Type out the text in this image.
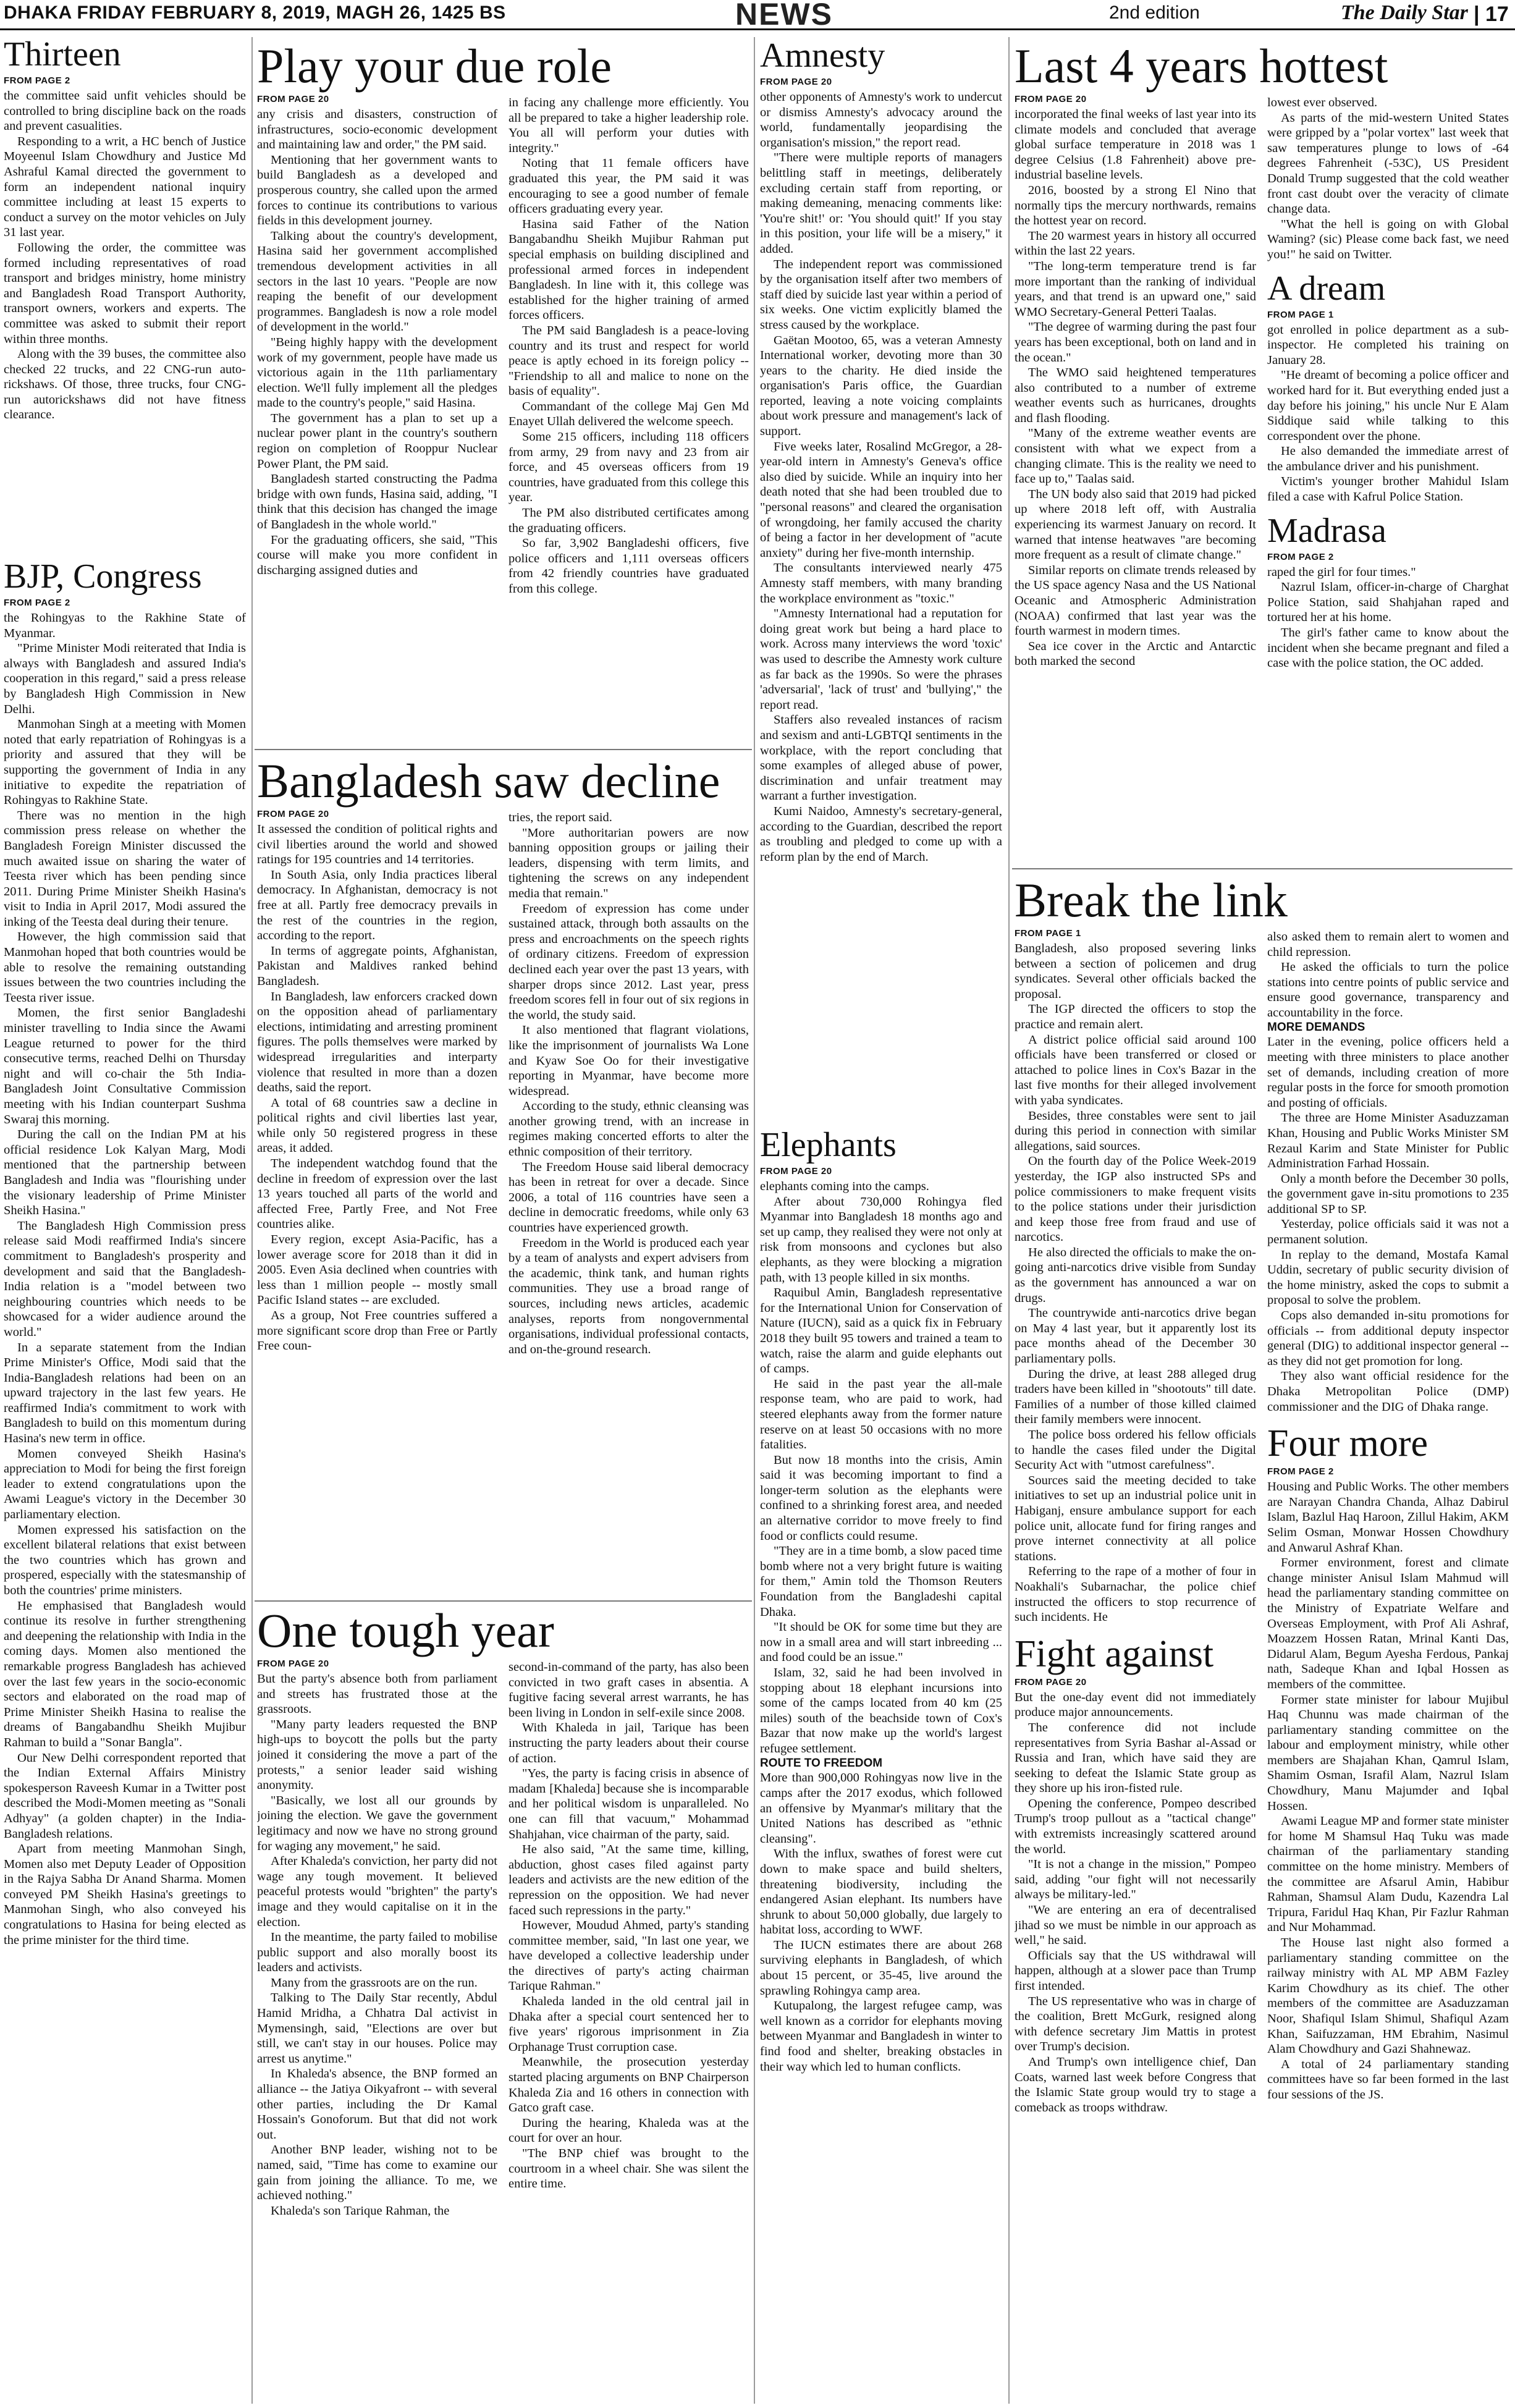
DHAKA FRIDAY FEBRUARY 8, 2019, MAGH 26, 1425 BS	NEWS	2nd edition	The Daily Star | 17
Thirteen
FROM PAGE 2

the committee said unfit vehicles should be controlled to bring discipline back on the roads and prevent casualities.

Responding to a writ, a HC bench of Justice Moyeenul Islam Chowdhury and Justice Md Ashraful Kamal directed the government to form an independent national inquiry committee including at least 15 experts to conduct a survey on the motor vehicles on July 31 last year.

Following the order, the committee was formed including representatives of road transport and bridges ministry, home ministry and Bangladesh Road Transport Authority, transport owners, workers and experts. The committee was asked to submit their report within three months.

Along with the 39 buses, the committee also checked 22 trucks, and 22 CNG-run auto-rickshaws. Of those, three trucks, four CNG-run autorickshaws did not have fitness clearance.

BJP, Congress
FROM PAGE 2

the Rohingyas to the Rakhine State of Myanmar.

"Prime Minister Modi reiterated that India is always with Bangladesh and assured India's cooperation in this regard," said a press release by Bangladesh High Commission in New Delhi.

Manmohan Singh at a meeting with Momen noted that early repatriation of Rohingyas is a priority and assured that they will be supporting the government of India in any initiative to expedite the repatriation of Rohingyas to Rakhine State.

There was no mention in the high commission press release on whether the Bangladesh Foreign Minister discussed the much awaited issue on sharing the water of Teesta river which has been pending since 2011. During Prime Minister Sheikh Hasina's visit to India in April 2017, Modi assured the inking of the Teesta deal during their tenure.

However, the high commission said that Manmohan hoped that both countries would be able to resolve the remaining outstanding issues between the two countries including the Teesta river issue.

Momen, the first senior Bangladeshi minister travelling to India since the Awami League returned to power for the third consecutive terms, reached Delhi on Thursday night and will co-chair the 5th India-Bangladesh Joint Consultative Commission meeting with his Indian counterpart Sushma Swaraj this morning.

During the call on the Indian PM at his official residence Lok Kalyan Marg, Modi mentioned that the partnership between Bangladesh and India was "flourishing under the visionary leadership of Prime Minister Sheikh Hasina."

The Bangladesh High Commission press release said Modi reaffirmed India's sincere commitment to Bangladesh's prosperity and development and said that the Bangladesh-India relation is a "model between two neighbouring countries which needs to be showcased for a wider audience around the world."

In a separate statement from the Indian Prime Minister's Office, Modi said that the India-Bangladesh relations had been on an upward trajectory in the last few years. He reaffirmed India's commitment to work with Bangladesh to build on this momentum during Hasina's new term in office.

Momen conveyed Sheikh Hasina's appreciation to Modi for being the first foreign leader to extend congratulations upon the Awami League's victory in the December 30 parliamentary election.

Momen expressed his satisfaction on the excellent bilateral relations that exist between the two countries which has grown and prospered, especially with the statesmanship of both the countries' prime ministers.

He emphasised that Bangladesh would continue its resolve in further strengthening and deepening the relationship with India in the coming days. Momen also mentioned the remarkable progress Bangladesh has achieved over the last few years in the socio-economic sectors and elaborated on the road map of Prime Minister Sheikh Hasina to realise the dreams of Bangabandhu Sheikh Mujibur Rahman to build a "Sonar Bangla".

Our New Delhi correspondent reported that the Indian External Affairs Ministry spokesperson Raveesh Kumar in a Twitter post described the Modi-Momen meeting as "Sonali Adhyay" (a golden chapter) in the India-Bangladesh relations.

Apart from meeting Manmohan Singh, Momen also met Deputy Leader of Opposition in the Rajya Sabha Dr Anand Sharma. Momen conveyed PM Sheikh Hasina's greetings to Manmohan Singh, who also conveyed his congratulations to Hasina for being elected as the prime minister for the third time.

Play your due role
FROM PAGE 20

any crisis and disasters, construction of infrastructures, socio-economic development and maintaining law and order," the PM said.

Mentioning that her government wants to build Bangladesh as a developed and prosperous country, she called upon the armed forces to continue its contributions to various fields in this development journey.

Talking about the country's development, Hasina said her government accomplished tremendous development activities in all sectors in the last 10 years. "People are now reaping the benefit of our development programmes. Bangladesh is now a role model of development in the world."

"Being highly happy with the development work of my government, people have made us victorious again in the 11th parliamentary election. We'll fully implement all the pledges made to the country's people," said Hasina.

The government has a plan to set up a nuclear power plant in the country's southern region on completion of Rooppur Nuclear Power Plant, the PM said.

Bangladesh started constructing the Padma bridge with own funds, Hasina said, adding, "I think that this decision has changed the image of Bangladesh in the whole world."

For the graduating officers, she said, "This course will make you more confident in discharging assigned duties and

in facing any challenge more efficiently. You all be prepared to take a higher leadership role. You all will perform your duties with integrity."

Noting that 11 female officers have graduated this year, the PM said it was encouraging to see a good number of female officers graduating every year.

Hasina said Father of the Nation Bangabandhu Sheikh Mujibur Rahman put special emphasis on building disciplined and professional armed forces in independent Bangladesh. In line with it, this college was established for the higher training of armed forces officers.

The PM said Bangladesh is a peace-loving country and its trust and respect for world peace is aptly echoed in its foreign policy -- "Friendship to all and malice to none on the basis of equality".

Commandant of the college Maj Gen Md Enayet Ullah delivered the welcome speech.

Some 215 officers, including 118 officers from army, 29 from navy and 23 from air force, and 45 overseas officers from 19 countries, have graduated from this college this year.

The PM also distributed certificates among the graduating officers.

So far, 3,902 Bangladeshi officers, five police officers and 1,111 overseas officers from 42 friendly countries have graduated from this college.

Bangladesh saw decline
FROM PAGE 20

It assessed the condition of political rights and civil liberties around the world and showed ratings for 195 countries and 14 territories.

In South Asia, only India practices liberal democracy. In Afghanistan, democracy is not free at all. Partly free democracy prevails in the rest of the countries in the region, according to the report.

In terms of aggregate points, Afghanistan, Pakistan and Maldives ranked behind Bangladesh.

In Bangladesh, law enforcers cracked down on the opposition ahead of parliamentary elections, intimidating and arresting prominent figures. The polls themselves were marked by widespread irregularities and interparty violence that resulted in more than a dozen deaths, said the report.

A total of 68 countries saw a decline in political rights and civil liberties last year, while only 50 registered progress in these areas, it added.

The independent watchdog found that the decline in freedom of expression over the last 13 years touched all parts of the world and affected Free, Partly Free, and Not Free countries alike.

Every region, except Asia-Pacific, has a lower average score for 2018 than it did in 2005. Even Asia declined when countries with less than 1 million people -- mostly small Pacific Island states -- are excluded.

As a group, Not Free countries suffered a more significant score drop than Free or Partly Free coun-

tries, the report said.

"More authoritarian powers are now banning opposition groups or jailing their leaders, dispensing with term limits, and tightening the screws on any independent media that remain."

Freedom of expression has come under sustained attack, through both assaults on the press and encroachments on the speech rights of ordinary citizens. Freedom of expression declined each year over the past 13 years, with sharper drops since 2012. Last year, press freedom scores fell in four out of six regions in the world, the study said.

It also mentioned that flagrant violations, like the imprisonment of journalists Wa Lone and Kyaw Soe Oo for their investigative reporting in Myanmar, have become more widespread.

According to the study, ethnic cleansing was another growing trend, with an increase in regimes making concerted efforts to alter the ethnic composition of their territory.

The Freedom House said liberal democracy has been in retreat for over a decade. Since 2006, a total of 116 countries have seen a decline in democratic freedoms, while only 63 countries have experienced growth.

Freedom in the World is produced each year by a team of analysts and expert advisers from the academic, think tank, and human rights communities. They use a broad range of sources, including news articles, academic analyses, reports from nongovernmental organisations, individual professional contacts, and on-the-ground research.

One tough year
FROM PAGE 20

But the party's absence both from parliament and streets has frustrated those at the grassroots.

"Many party leaders requested the BNP high-ups to boycott the polls but the party joined it considering the move a part of the protests," a senior leader said wishing anonymity.

"Basically, we lost all our grounds by joining the election. We gave the government legitimacy and now we have no strong ground for waging any movement," he said.

After Khaleda's conviction, her party did not wage any tough movement. It believed peaceful protests would "brighten" the party's image and they would capitalise on it in the election.

In the meantime, the party failed to mobilise public support and also morally boost its leaders and activists.

Many from the grassroots are on the run.

Talking to The Daily Star recently, Abdul Hamid Mridha, a Chhatra Dal activist in Mymensingh, said, "Elections are over but still, we can't stay in our houses. Police may arrest us anytime."

In Khaleda's absence, the BNP formed an alliance -- the Jatiya Oikyafront -- with several other parties, including the Dr Kamal Hossain's Gonoforum. But that did not work out.

Another BNP leader, wishing not to be named, said, "Time has come to examine our gain from joining the alliance. To me, we achieved nothing."

Khaleda's son Tarique Rahman, the

second-in-command of the party, has also been convicted in two graft cases in absentia. A fugitive facing several arrest warrants, he has been living in London in self-exile since 2008.

With Khaleda in jail, Tarique has been instructing the party leaders about their course of action.

"Yes, the party is facing crisis in absence of madam [Khaleda] because she is incomparable and her political wisdom is unparalleled. No one can fill that vacuum," Mohammad Shahjahan, vice chairman of the party, said.

He also said, "At the same time, killing, abduction, ghost cases filed against party leaders and activists are the new edition of the repression on the opposition. We had never faced such repressions in the party."

However, Moudud Ahmed, party's standing committee member, said, "In last one year, we have developed a collective leadership under the directives of party's acting chairman Tarique Rahman."

Khaleda landed in the old central jail in Dhaka after a special court sentenced her to five years' rigorous imprisonment in Zia Orphanage Trust corruption case.

Meanwhile, the prosecution yesterday started placing arguments on BNP Chairperson Khaleda Zia and 16 others in connection with Gatco graft case.

During the hearing, Khaleda was at the court for over an hour.

"The BNP chief was brought to the courtroom in a wheel chair. She was silent the entire time.

Amnesty
FROM PAGE 20

other opponents of Amnesty's work to undercut or dismiss Amnesty's advocacy around the world, fundamentally jeopardising the organisation's mission," the report read.

"There were multiple reports of managers belittling staff in meetings, deliberately excluding certain staff from reporting, or making demeaning, menacing comments like: 'You're shit!' or: 'You should quit!' If you stay in this position, your life will be a misery," it added.

The independent report was commissioned by the organisation itself after two members of staff died by suicide last year within a period of six weeks. One victim explicitly blamed the stress caused by the workplace.

Gaëtan Mootoo, 65, was a veteran Amnesty International worker, devoting more than 30 years to the charity. He died inside the organisation's Paris office, the Guardian reported, leaving a note voicing complaints about work pressure and management's lack of support.

Five weeks later, Rosalind McGregor, a 28-year-old intern in Amnesty's Geneva's office also died by suicide. While an inquiry into her death noted that she had been troubled due to "personal reasons" and cleared the organisation of wrongdoing, her family accused the charity of being a factor in her development of "acute anxiety" during her five-month internship.

The consultants interviewed nearly 475 Amnesty staff members, with many branding the workplace environment as "toxic."

"Amnesty International had a reputation for doing great work but being a hard place to work. Across many interviews the word 'toxic' was used to describe the Amnesty work culture as far back as the 1990s. So were the phrases 'adversarial', 'lack of trust' and 'bullying'," the report read.

Staffers also revealed instances of racism and sexism and anti-LGBTQI sentiments in the workplace, with the report concluding that some examples of alleged abuse of power, discrimination and unfair treatment may warrant a further investigation.

Kumi Naidoo, Amnesty's secretary-general, according to the Guardian, described the report as troubling and pledged to come up with a reform plan by the end of March.

Elephants
FROM PAGE 20

elephants coming into the camps.

After about 730,000 Rohingya fled Myanmar into Bangladesh 18 months ago and set up camp, they realised they were not only at risk from monsoons and cyclones but also elephants, as they were blocking a migration path, with 13 people killed in six months.

Raquibul Amin, Bangladesh representative for the International Union for Conservation of Nature (IUCN), said as a quick fix in February 2018 they built 95 towers and trained a team to watch, raise the alarm and guide elephants out of camps.

He said in the past year the all-male response team, who are paid to work, had steered elephants away from the former nature reserve on at least 50 occasions with no more fatalities.

But now 18 months into the crisis, Amin said it was becoming important to find a longer-term solution as the elephants were confined to a shrinking forest area, and needed an alternative corridor to move freely to find food or conflicts could resume.

"They are in a time bomb, a slow paced time bomb where not a very bright future is waiting for them," Amin told the Thomson Reuters Foundation from the Bangladeshi capital Dhaka.

"It should be OK for some time but they are now in a small area and will start inbreeding ... and food could be an issue."

Islam, 32, said he had been involved in stopping about 18 elephant incursions into some of the camps located from 40 km (25 miles) south of the beachside town of Cox's Bazar that now make up the world's largest refugee settlement.

ROUTE TO FREEDOM

More than 900,000 Rohingyas now live in the camps after the 2017 exodus, which followed an offensive by Myanmar's military that the United Nations has described as "ethnic cleansing".

With the influx, swathes of forest were cut down to make space and build shelters, threatening biodiversity, including the endangered Asian elephant. Its numbers have shrunk to about 50,000 globally, due largely to habitat loss, according to WWF.

The IUCN estimates there are about 268 surviving elephants in Bangladesh, of which about 15 percent, or 35-45, live around the sprawling Rohingya camp area.

Kutupalong, the largest refugee camp, was well known as a corridor for elephants moving between Myanmar and Bangladesh in winter to find food and shelter, breaking obstacles in their way which led to human conflicts.

Last 4 years hottest
FROM PAGE 20

incorporated the final weeks of last year into its climate models and concluded that average global surface temperature in 2018 was 1 degree Celsius (1.8 Fahrenheit) above pre-industrial baseline levels.

2016, boosted by a strong El Nino that normally tips the mercury northwards, remains the hottest year on record.

The 20 warmest years in history all occurred within the last 22 years.

"The long-term temperature trend is far more important than the ranking of individual years, and that trend is an upward one," said WMO Secretary-General Petteri Taalas.

"The degree of warming during the past four years has been exceptional, both on land and in the ocean."

The WMO said heightened temperatures also contributed to a number of extreme weather events such as hurricanes, droughts and flash flooding.

"Many of the extreme weather events are consistent with what we expect from a changing climate. This is the reality we need to face up to," Taalas said.

The UN body also said that 2019 had picked up where 2018 left off, with Australia experiencing its warmest January on record. It warned that intense heatwaves "are becoming more frequent as a result of climate change."

Similar reports on climate trends released by the US space agency Nasa and the US National Oceanic and Atmospheric Administration (NOAA) confirmed that last year was the fourth warmest in modern times.

Sea ice cover in the Arctic and Antarctic both marked the second

lowest ever observed.

As parts of the mid-western United States were gripped by a "polar vortex" last week that saw temperatures plunge to lows of -64 degrees Fahrenheit (-53C), US President Donald Trump suggested that the cold weather front cast doubt over the veracity of climate change data.

"What the hell is going on with Global Waming? (sic) Please come back fast, we need you!" he said on Twitter.

A dream
FROM PAGE 1

got enrolled in police department as a sub-inspector. He completed his training on January 28.

"He dreamt of becoming a police officer and worked hard for it. But everything ended just a day before his joining," his uncle Nur E Alam Siddique said while talking to this correspondent over the phone.

He also demanded the immediate arrest of the ambulance driver and his punishment.

Victim's younger brother Mahidul Islam filed a case with Kafrul Police Station.

Madrasa
FROM PAGE 2

raped the girl for four times."

Nazrul Islam, officer-in-charge of Charghat Police Station, said Shahjahan raped and tortured her at his home.

The girl's father came to know about the incident when she became pregnant and filed a case with the police station, the OC added.

Break the link
FROM PAGE 1

Bangladesh, also proposed severing links between a section of policemen and drug syndicates. Several other officials backed the proposal.

The IGP directed the officers to stop the practice and remain alert.

A district police official said around 100 officials have been transferred or closed or attached to police lines in Cox's Bazar in the last five months for their alleged involvement with yaba syndicates.

Besides, three constables were sent to jail during this period in connection with similar allegations, said sources.

On the fourth day of the Police Week-2019 yesterday, the IGP also instructed SPs and police commissioners to make frequent visits to the police stations under their jurisdiction and keep those free from fraud and use of narcotics.

He also directed the officials to make the on-going anti-narcotics drive visible from Sunday as the government has announced a war on drugs.

The countrywide anti-narcotics drive began on May 4 last year, but it apparently lost its pace months ahead of the December 30 parliamentary polls.

During the drive, at least 288 alleged drug traders have been killed in "shootouts" till date. Families of a number of those killed claimed their family members were innocent.

The police boss ordered his fellow officials to handle the cases filed under the Digital Security Act with "utmost carefulness".

Sources said the meeting decided to take initiatives to set up an industrial police unit in Habiganj, ensure ambulance support for each police unit, allocate fund for firing ranges and prove internet connectivity at all police stations.

Referring to the rape of a mother of four in Noakhali's Subarnachar, the police chief instructed the officers to stop recurrence of such incidents. He

Fight against
FROM PAGE 20

But the one-day event did not immediately produce major announcements.

The conference did not include representatives from Syria Bashar al-Assad or Russia and Iran, which have said they are seeking to defeat the Islamic State group as they shore up his iron-fisted rule.

Opening the conference, Pompeo described Trump's troop pullout as a "tactical change" with extremists increasingly scattered around the world.

"It is not a change in the mission," Pompeo said, adding "our fight will not necessarily always be military-led."

"We are entering an era of decentralised jihad so we must be nimble in our approach as well," he said.

Officials say that the US withdrawal will happen, although at a slower pace than Trump first intended.

The US representative who was in charge of the coalition, Brett McGurk, resigned along with defence secretary Jim Mattis in protest over Trump's decision.

And Trump's own intelligence chief, Dan Coats, warned last week before Congress that the Islamic State group would try to stage a comeback as troops withdraw.

also asked them to remain alert to women and child repression.

He asked the officials to turn the police stations into centre points of public service and ensure good governance, transparency and accountability in the force.

MORE DEMANDS

Later in the evening, police officers held a meeting with three ministers to place another set of demands, including creation of more regular posts in the force for smooth promotion and posting of officials.

The three are Home Minister Asaduzzaman Khan, Housing and Public Works Minister SM Rezaul Karim and State Minister for Public Administration Farhad Hossain.

Only a month before the December 30 polls, the government gave in-situ promotions to 235 additional SP to SP.

Yesterday, police officials said it was not a permanent solution.

In replay to the demand, Mostafa Kamal Uddin, secretary of public security division of the home ministry, asked the cops to submit a proposal to solve the problem.

Cops also demanded in-situ promotions for officials -- from additional deputy inspector general (DIG) to additional inspector general -- as they did not get promotion for long.

They also want official residence for the Dhaka Metropolitan Police (DMP) commissioner and the DIG of Dhaka range.

Four more
FROM PAGE 2

Housing and Public Works. The other members are Narayan Chandra Chanda, Alhaz Dabirul Islam, Bazlul Haq Haroon, Zillul Hakim, AKM Selim Osman, Monwar Hossen Chowdhury and Anwarul Ashraf Khan.

Former environment, forest and climate change minister Anisul Islam Mahmud will head the parliamentary standing committee on the Ministry of Expatriate Welfare and Overseas Employment, with Prof Ali Ashraf, Moazzem Hossen Ratan, Mrinal Kanti Das, Didarul Alam, Begum Ayesha Ferdous, Pankaj nath, Sadeque Khan and Iqbal Hossen as members of the committee.

Former state minister for labour Mujibul Haq Chunnu was made chairman of the parliamentary standing committee on the labour and employment ministry, while other members are Shajahan Khan, Qamrul Islam, Shamim Osman, Israfil Alam, Nazrul Islam Chowdhury, Manu Majumder and Iqbal Hossen.

Awami League MP and former state minister for home M Shamsul Haq Tuku was made chairman of the parliamentary standing committee on the home ministry. Members of the committee are Afsarul Amin, Habibur Rahman, Shamsul Alam Dudu, Kazendra Lal Tripura, Faridul Haq Khan, Pir Fazlur Rahman and Nur Mohammad.

The House last night also formed a parliamentary standing committee on the railway ministry with AL MP ABM Fazley Karim Chowdhury as its chief. The other members of the committee are Asaduzzaman Noor, Shafiqul Islam Shimul, Shafiqul Azam Khan, Saifuzzaman, HM Ebrahim, Nasimul Alam Chowdhury and Gazi Shahnewaz.

A total of 24 parliamentary standing committees have so far been formed in the last four sessions of the JS.
